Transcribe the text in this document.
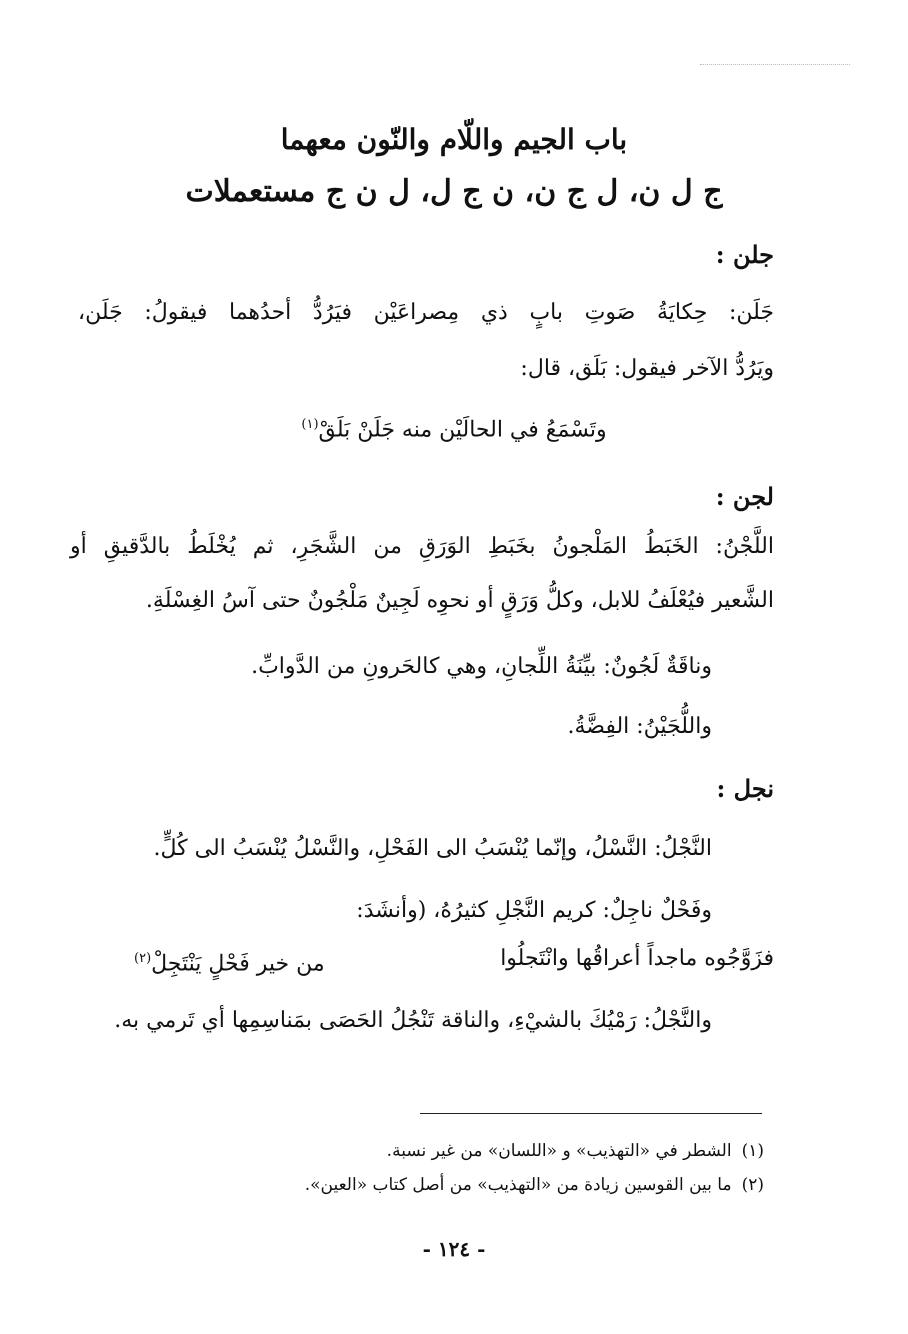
باب الجيم واللّام والنّون معهما
ج ل ن، ل ج ن، ن ج ل، ل ن ج مستعملات
جلن :
جَلَن: حِكايَةُ صَوتِ بابٍ ذي مِصراعَيْن فيَرُدُّ أحدُهما فيقولُ: جَلَن،
ويَرُدُّ الآخر فيقول: بَلَق، قال:
وتَسْمَعُ في الحالَيْن منه جَلَنْ بَلَقْ$^{(١)}$
لجن :
اللَّجْنُ: الخَبَطُ المَلْجونُ بخَبَطِ الوَرَقِ من الشَّجَرِ، ثم يُخْلَطُ بالدَّقيقِ أو
الشَّعير فيُعْلَفُ للابل، وكلُّ وَرَقٍ أو نحوِه لَجِينٌ مَلْجُونٌ حتى آسُ الغِسْلَةِ.
وناقَةٌ لَجُونٌ: بيِّنَةُ اللِّجانِ، وهي كالحَرونِ من الدَّوابِّ.
واللُّجَيْنُ: الفِضَّةُ.
نجل :
النَّجْلُ: النَّسْلُ، وإنّما يُنْسَبُ الى الفَحْلِ، والنَّسْلُ يُنْسَبُ الى كُلٍّ.
وفَحْلٌ ناجِلٌ: كريم النَّجْلِ كثيرُهُ، (وأنشَدَ:
فزَوَّجُوه ماجداً أعراقُها وانْتَجلُوا
من خير فَحْلٍ يَنْتَجِلْ$^{(٢)}$
والنَّجْلُ: رَمْيُكَ بالشيْءِ، والناقة تَنْجُلُ الحَصَى بمَناسِمِها أي تَرمي به.
(١)الشطر في «التهذيب» و «اللسان» من غير نسبة.
(٢)ما بين القوسين زيادة من «التهذيب» من أصل كتاب «العين».
- ١٢٤ -
